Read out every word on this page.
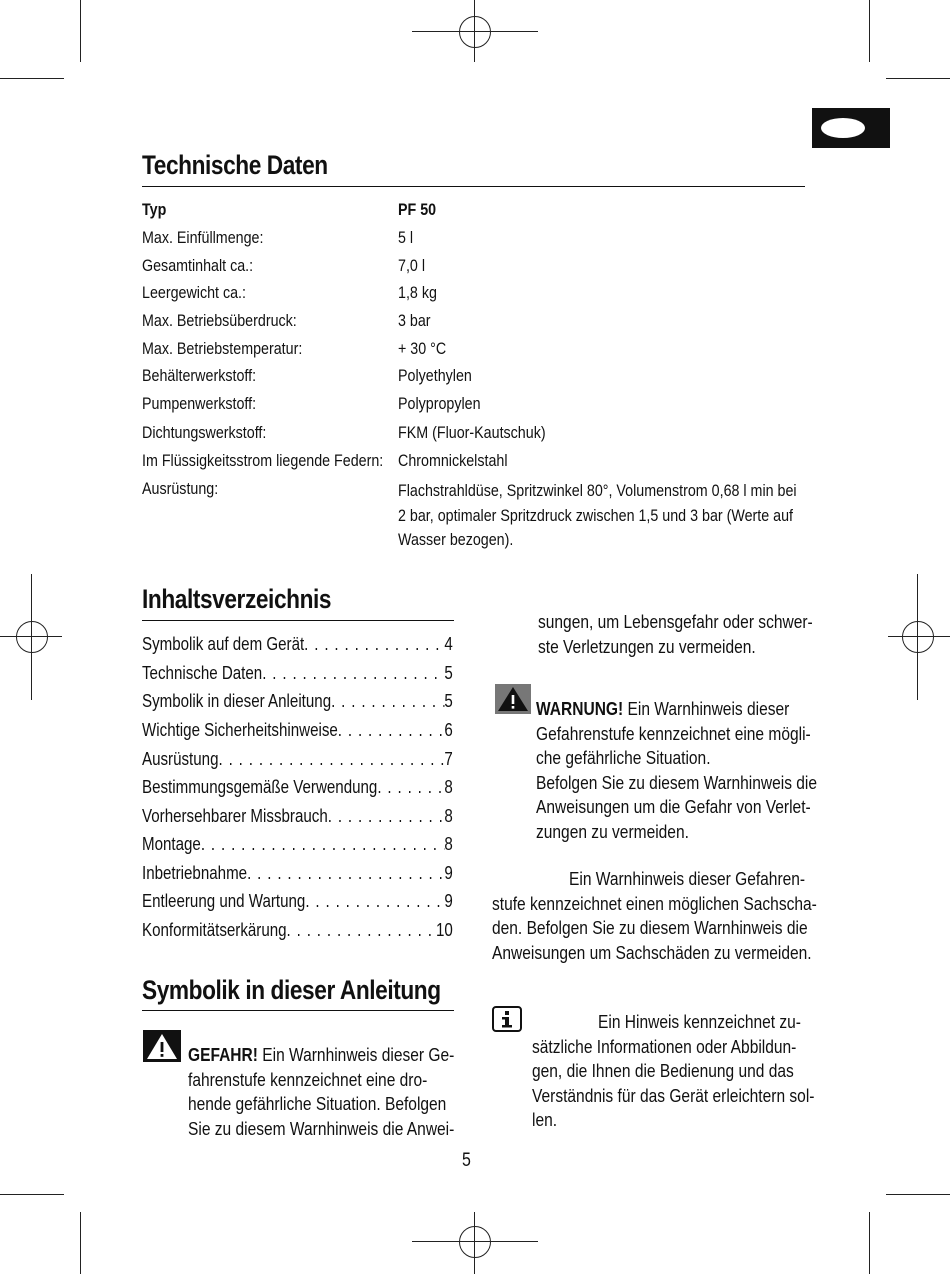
Technische Daten
Typ	PF 50
Max. Einfüllmenge:	5 l
Gesamtinhalt ca.:	7,0 l
Leergewicht ca.:	1,8 kg
Max. Betriebsüberdruck:	3 bar
Max. Betriebstemperatur:	+ 30 °C
Behälterwerkstoff:	Polyethylen
Pumpenwerkstoff:	Polypropylen
Dichtungswerkstoff:	FKM (Fluor-Kautschuk)
Im Flüssigkeitsstrom liegende Federn: Chromnickelstahl
Ausrüstung:	Flachstrahldüse, Spritzwinkel 80°, Volumenstrom 0,68 l min bei
2 bar, optimaler Spritzdruck zwischen 1,5 und 3 bar (Werte auf
Wasser bezogen).
Inhaltsverzeichnis
Symbolik auf dem Gerät . . .	4
Technische Daten . . .	5
Symbolik in dieser Anleitung . . .	5
Wichtige Sicherheitshinweise . . .	6
Ausrüstung . . .	7
Bestimmungsgemäße Verwendung . . .	8
Vorhersehbarer Missbrauch . . .	8
Montage . . .	8
Inbetriebnahme . . .	9
Entleerung und Wartung . . .	9
Konformitätserkärung . . .	10
Symbolik in dieser Anleitung
GEFAHR! Ein Warnhinweis dieser Ge-
fahrenstufe kennzeichnet eine dro-
hende gefährliche Situation. Befolgen
Sie zu diesem Warnhinweis die Anwei-
sungen, um Lebensgefahr oder schwer-
ste Verletzungen zu vermeiden.
WARNUNG! Ein Warnhinweis dieser
Gefahrenstufe kennzeichnet eine mögli-
che gefährliche Situation.
Befolgen Sie zu diesem Warnhinweis die
Anweisungen um die Gefahr von Verlet-
zungen zu vermeiden.
Ein Warnhinweis dieser Gefahren-
stufe kennzeichnet einen möglichen Sachscha-
den. Befolgen Sie zu diesem Warnhinweis die
Anweisungen um Sachschäden zu vermeiden.
Ein Hinweis kennzeichnet zu-
sätzliche Informationen oder Abbildun-
gen, die Ihnen die Bedienung und das
Verständnis für das Gerät erleichtern sol-
len.
5
